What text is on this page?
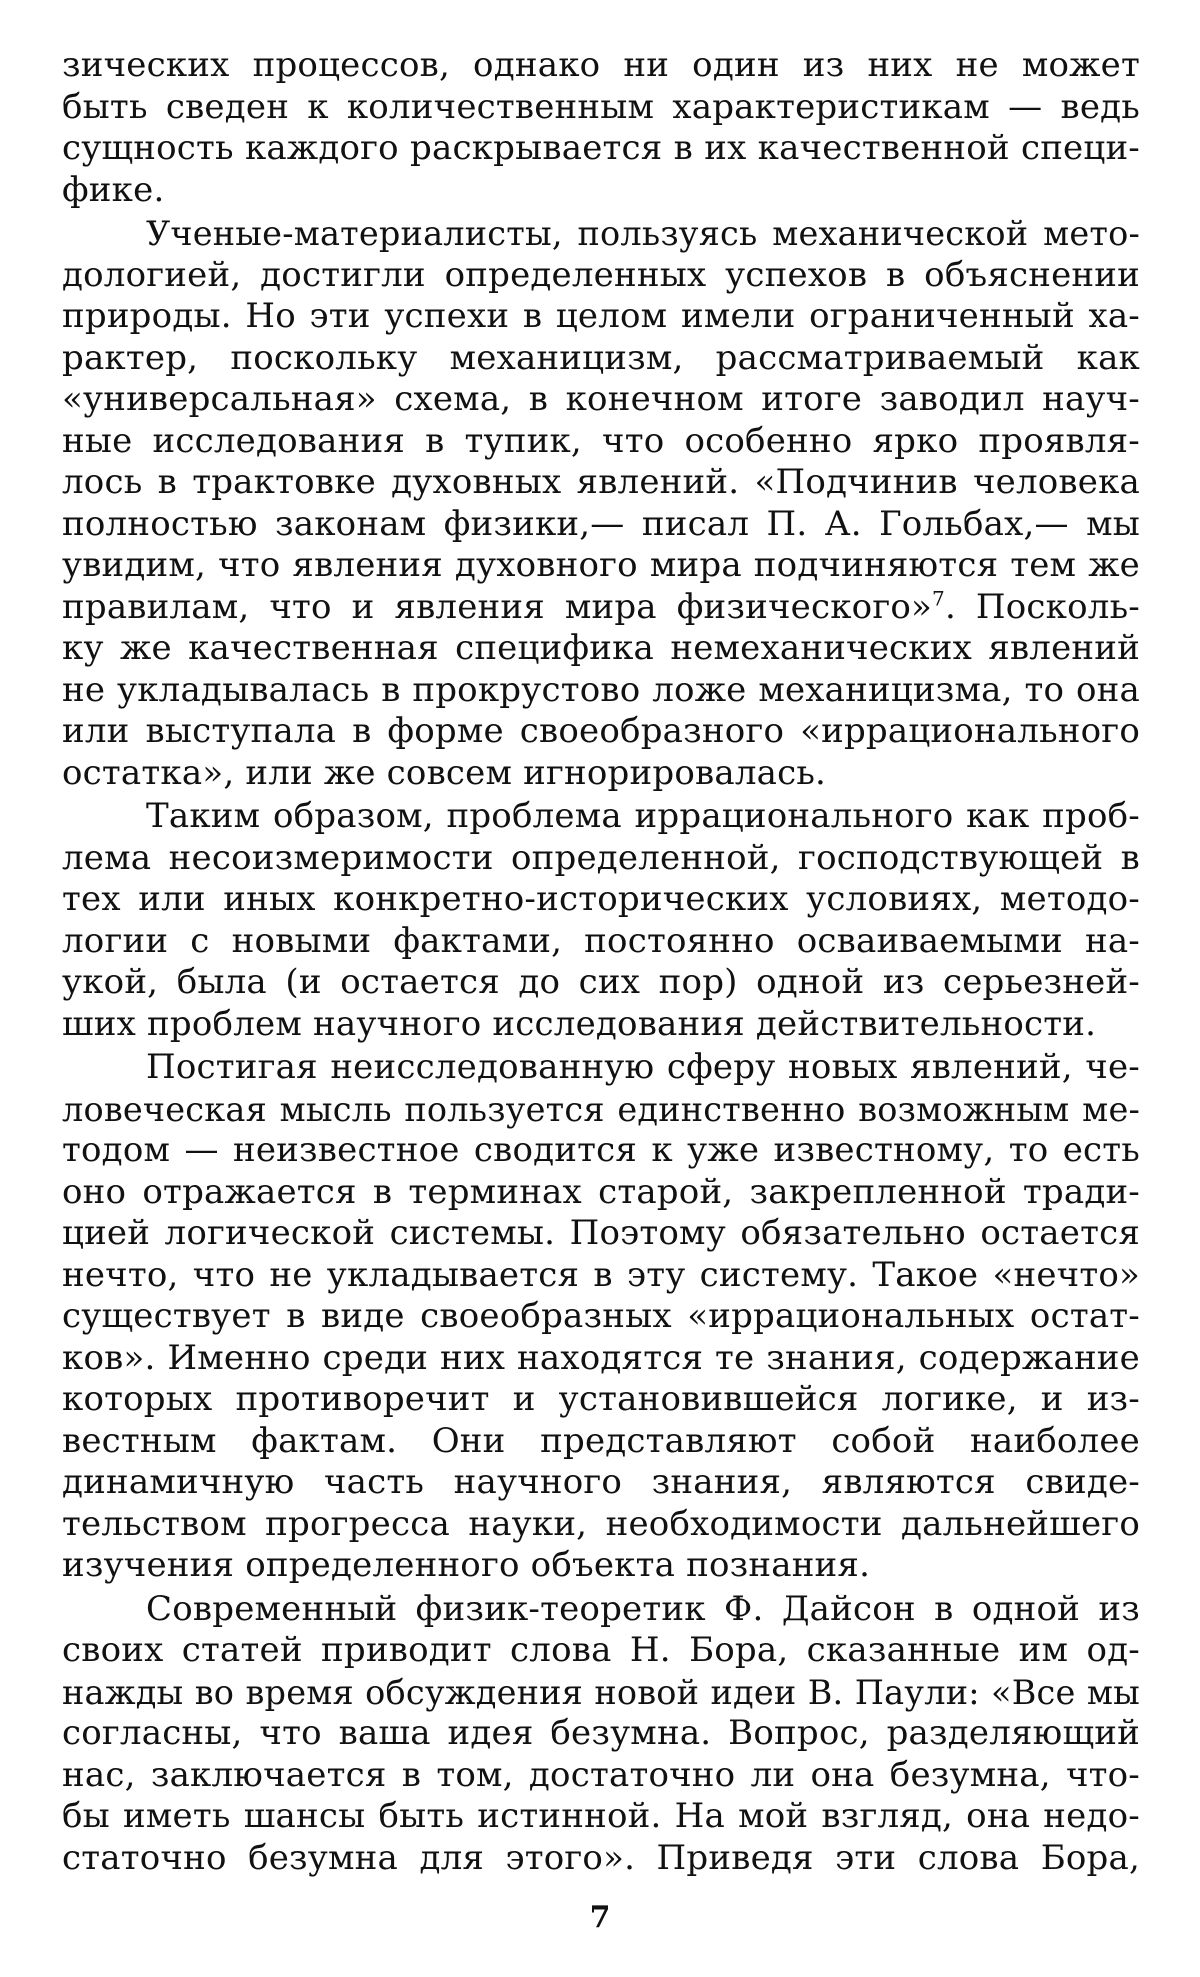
зических процессов, однако ни один из них не может
быть сведен к количественным характеристикам — ведь
сущность каждого раскрывается в их качественной специ-
фике.
Ученые-материалисты, пользуясь механической мето-
дологией, достигли определенных успехов в объяснении
природы. Но эти успехи в целом имели ограниченный ха-
рактер, поскольку механицизм, рассматриваемый как
«универсальная» схема, в конечном итоге заводил науч-
ные исследования в тупик, что особенно ярко проявля-
лось в трактовке духовных явлений. «Подчинив человека
полностью законам физики,— писал П. А. Гольбах,— мы
увидим, что явления духовного мира подчиняются тем же
правилам, что и явления мира физического»$^7$. Посколь-
ку же качественная специфика немеханических явлений
не укладывалась в прокрустово ложе механицизма, то она
или выступала в форме своеобразного «иррационального
остатка», или же совсем игнорировалась.
Таким образом, проблема иррационального как проб-
лема несоизмеримости определенной, господствующей в
тех или иных конкретно-исторических условиях, методо-
логии с новыми фактами, постоянно осваиваемыми на-
укой, была (и остается до сих пор) одной из серьезней-
ших проблем научного исследования действительности.
Постигая неисследованную сферу новых явлений, че-
ловеческая мысль пользуется единственно возможным ме-
тодом — неизвестное сводится к уже известному, то есть
оно отражается в терминах старой, закрепленной тради-
цией логической системы. Поэтому обязательно остается
нечто, что не укладывается в эту систему. Такое «нечто»
существует в виде своеобразных «иррациональных остат-
ков». Именно среди них находятся те знания, содержание
которых противоречит и установившейся логике, и из-
вестным фактам. Они представляют собой наиболее
динамичную часть научного знания, являются свиде-
тельством прогресса науки, необходимости дальнейшего
изучения определенного объекта познания.
Современный физик-теоретик Ф. Дайсон в одной из
своих статей приводит слова Н. Бора, сказанные им од-
нажды во время обсуждения новой идеи В. Паули: «Все мы
согласны, что ваша идея безумна. Вопрос, разделяющий
нас, заключается в том, достаточно ли она безумна, что-
бы иметь шансы быть истинной. На мой взгляд, она недо-
статочно безумна для этого». Приведя эти слова Бора,
7
